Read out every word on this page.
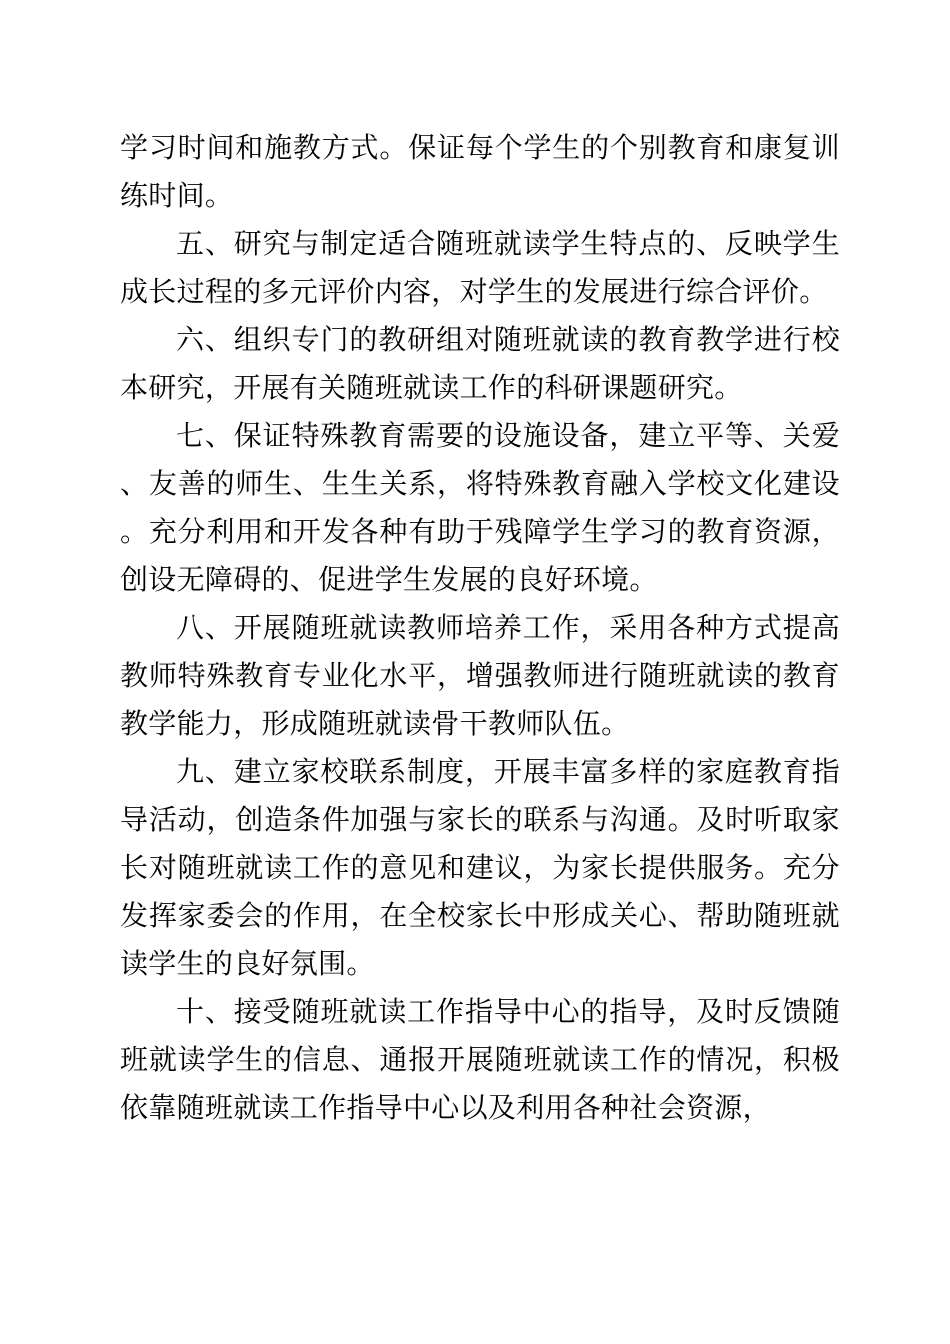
学习时间和施教方式。保证每个学生的个别教育和康复训练时间。

五、研究与制定适合随班就读学生特点的、反映学生成长过程的多元评价内容，对学生的发展进行综合评价。

六、组织专门的教研组对随班就读的教育教学进行校本研究，开展有关随班就读工作的科研课题研究。

七、保证特殊教育需要的设施设备，建立平等、关爱、友善的师生、生生关系，将特殊教育融入学校文化建设。充分利用和开发各种有助于残障学生学习的教育资源，创设无障碍的、促进学生发展的良好环境。

八、开展随班就读教师培养工作，采用各种方式提高教师特殊教育专业化水平，增强教师进行随班就读的教育教学能力，形成随班就读骨干教师队伍。

九、建立家校联系制度，开展丰富多样的家庭教育指导活动，创造条件加强与家长的联系与沟通。及时听取家长对随班就读工作的意见和建议，为家长提供服务。充分发挥家委会的作用，在全校家长中形成关心、帮助随班就读学生的良好氛围。

十、接受随班就读工作指导中心的指导，及时反馈随班就读学生的信息、通报开展随班就读工作的情况，积极依靠随班就读工作指导中心以及利用各种社会资源，
